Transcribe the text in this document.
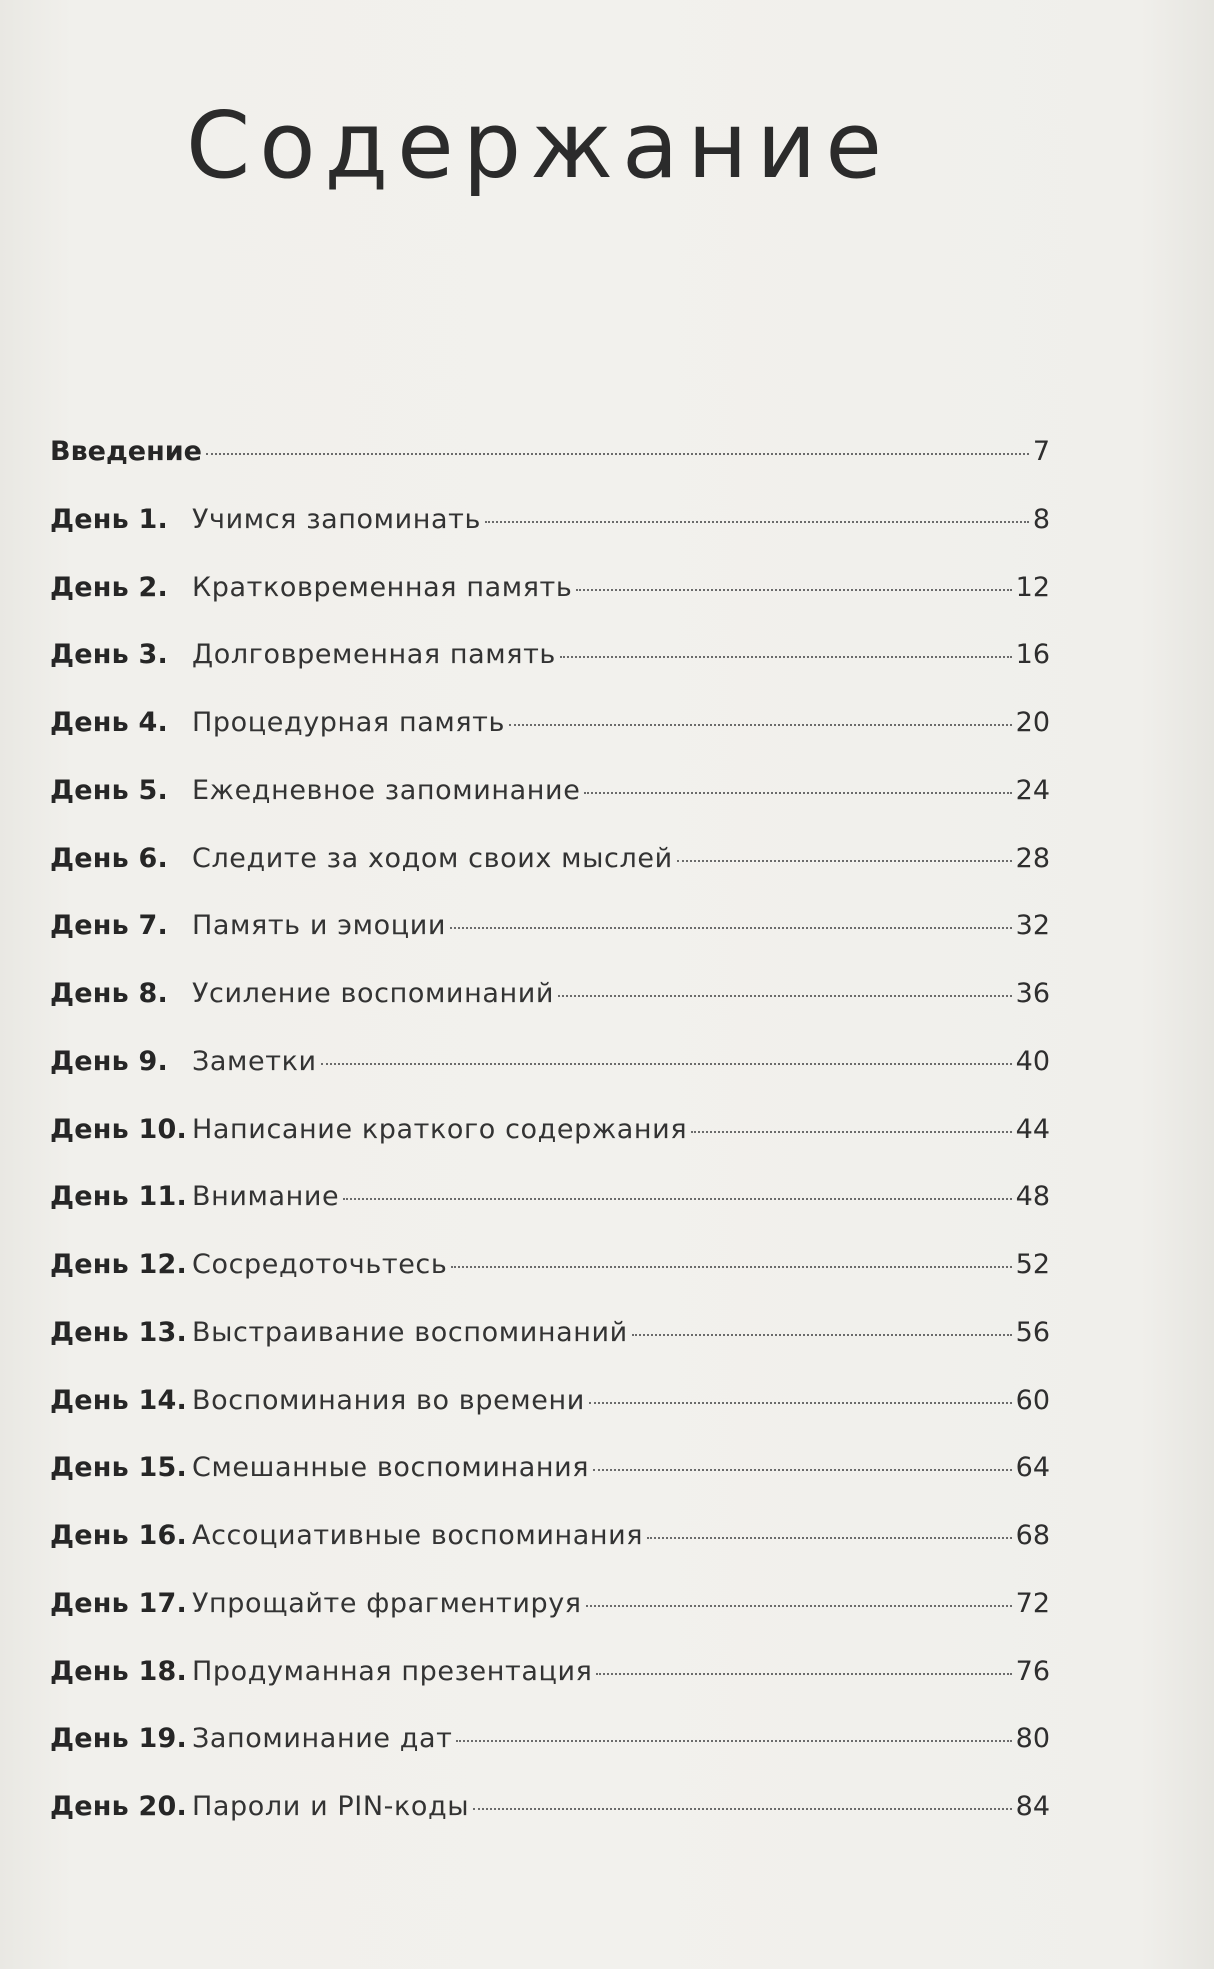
Содержание
Введение	7
День 1. Учимся запоминать	8
День 2. Кратковременная память	12
День 3. Долговременная память	16
День 4. Процедурная память	20
День 5. Ежедневное запоминание	24
День 6. Следите за ходом своих мыслей	28
День 7. Память и эмоции	32
День 8. Усиление воспоминаний	36
День 9. Заметки	40
День 10. Написание краткого содержания	44
День 11. Внимание	48
День 12. Сосредоточьтесь	52
День 13. Выстраивание воспоминаний	56
День 14. Воспоминания во времени	60
День 15. Смешанные воспоминания	64
День 16. Ассоциативные воспоминания	68
День 17. Упрощайте фрагментируя	72
День 18. Продуманная презентация	76
День 19. Запоминание дат	80
День 20. Пароли и PIN-коды	84
